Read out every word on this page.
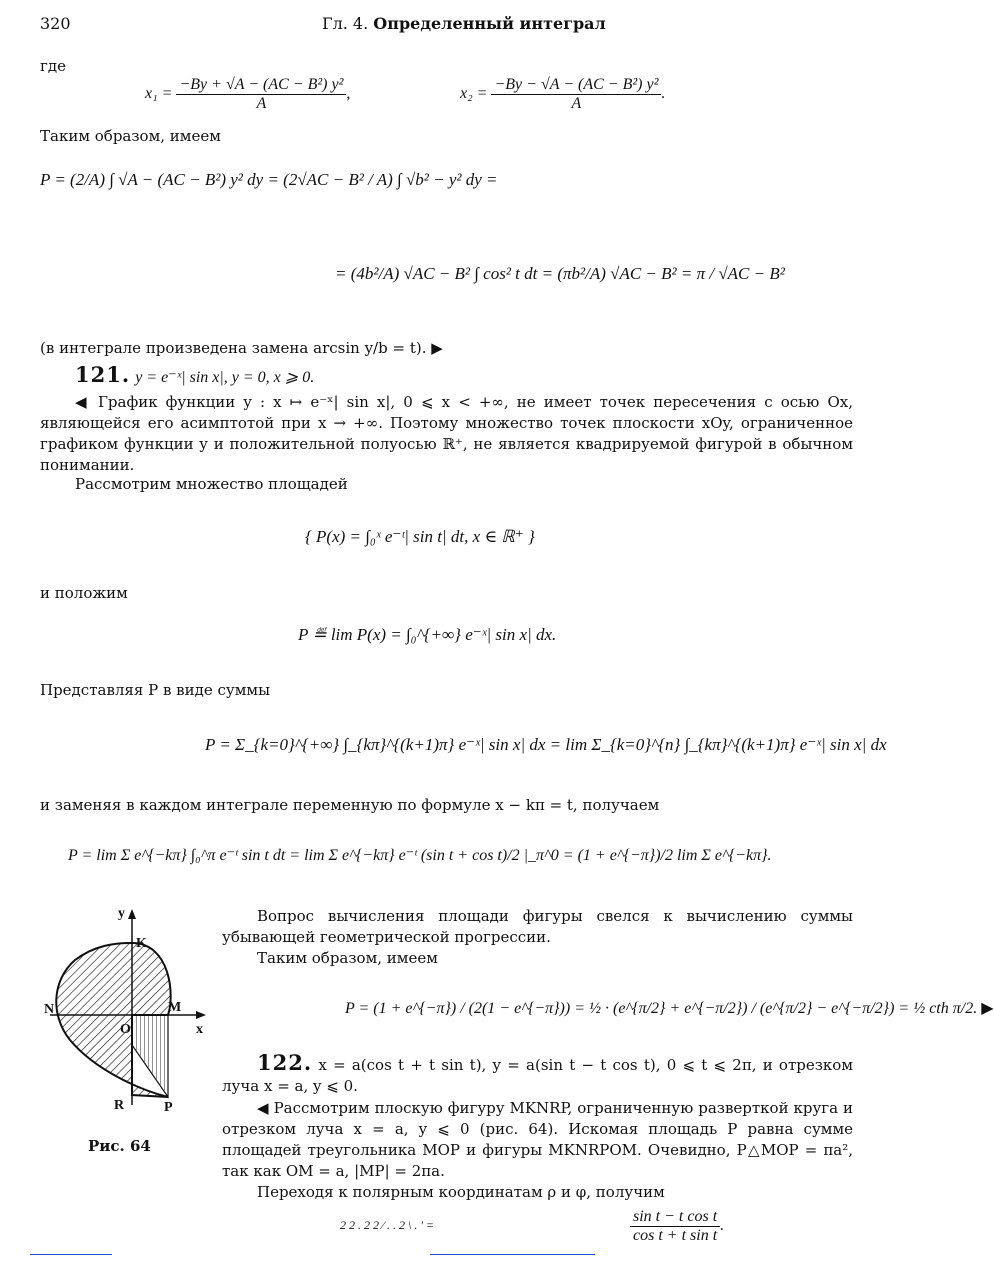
320	Гл. 4. Определенный интеграл
где
$x_1 = \frac{\text{−By + √A − (AC − B²) y²}}{A}$ ,	$x_2 = \frac{\text{−By − √A − (AC − B²) y²}}{A}$ .
Таким образом, имеем
P = (2/A) ∫ √A − (AC − B²) y² dy = (2√AC − B² / A) ∫ √b² − y² dy =
= (4b²/A) √AC − B² ∫ cos² t dt = (πb²/A) √AC − B² = π / √AC − B²
(в интеграле произведена замена arcsin y/b = t). ▶
121. y = e⁻ˣ| sin x|, y = 0, x ⩾ 0.
◀ График функции y : x ↦ e⁻ˣ| sin x|, 0 ⩽ x < +∞, не имеет точек пересечения с осью Ox, являющейся его асимптотой при x → +∞. Поэтому множество точек плоскости xOy, ограниченное графиком функции y и положительной полуосью ℝ⁺, не является квадрируемой фигурой в обычном понимании.
Рассмотрим множество площадей
{ P(x) = ∫₀ˣ e⁻ᵗ| sin t| dt, x ∈ ℝ⁺ }
и положим
P ≝ lim P(x) = ∫₀^{+∞} e⁻ˣ| sin x| dx.
Представляя P в виде суммы
P = Σ_{k=0}^{+∞} ∫_{kπ}^{(k+1)π} e⁻ˣ| sin x| dx = lim Σ_{k=0}^{n} ∫_{kπ}^{(k+1)π} e⁻ˣ| sin x| dx
и заменяя в каждом интеграле переменную по формуле x − kπ = t, получаем
P = lim Σ e^{−kπ} ∫₀^π e⁻ᵗ sin t dt = lim Σ e^{−kπ} e⁻ᵗ (sin t + cos t)/2 |_π^0 = (1 + e^{−π})/2 lim Σ e^{−kπ}.
y
K
N	M
x
O
R	P
Рис. 64
Вопрос вычисления площади фигуры свелся к вычислению суммы убывающей геометрической прогрессии.
Таким образом, имеем
P = (1 + e^{−π}) / (2(1 − e^{−π})) = ½ · (e^{π/2} + e^{−π/2}) / (e^{π/2} − e^{−π/2}) = ½ cth π/2. ▶
122. x = a(cos t + t sin t), y = a(sin t − t cos t), 0 ⩽ t ⩽ 2π, и отрезком луча x = a, y ⩽ 0.
◀ Рассмотрим плоскую фигуру MKNRP, ограниченную разверткой круга и отрезком луча x = a, y ⩽ 0 (рис. 64). Искомая площадь P равна сумме площадей треугольника MOP и фигуры MKNRPOM. Очевидно, P△MOP = πa², так как OM = a, |MP| = 2πa.
Переходя к полярным координатам ρ и φ, получим
2 2 . 2 2 ⁄ . . 2 \ . ' =	$\frac{\text{sin t − t cos t}}{\text{cos t + t sin t}}$ .
